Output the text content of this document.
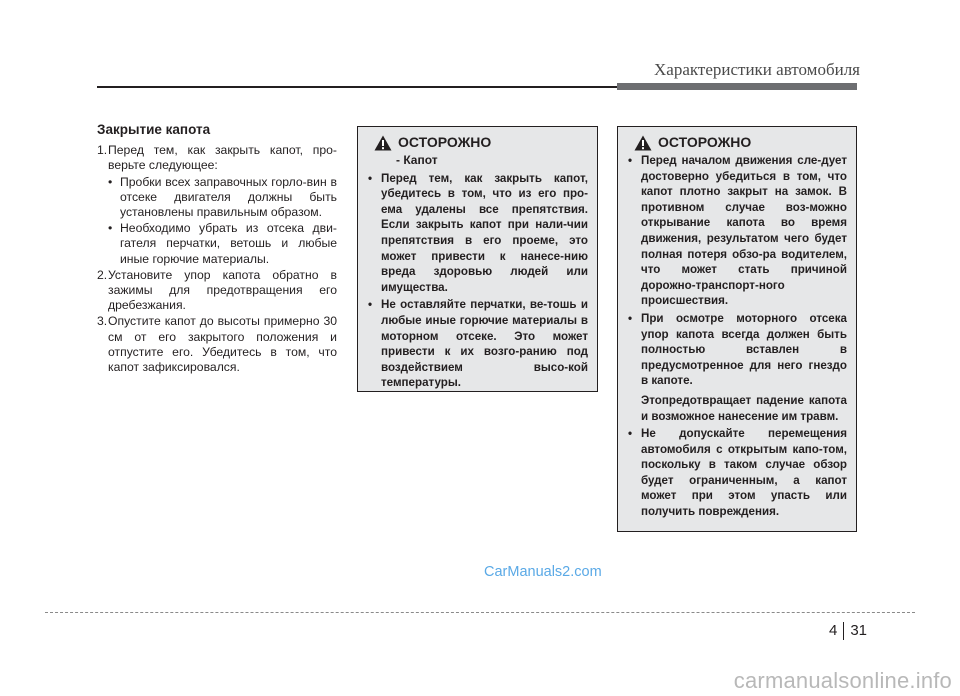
Характеристики автомобиля
Закрытие капота
1. Перед тем, как закрыть капот, про-верьте следующее:
• Пробки всех заправочных горло-вин в отсеке двигателя должны быть установлены правильным образом.
• Необходимо убрать из отсека дви-гателя перчатки, ветошь и любые иные горючие материалы.
2. Установите упор капота обратно в зажимы для предотвращения его дребезжания.
3. Опустите капот до высоты примерно 30 см от его закрытого положения и отпустите его. Убедитесь в том, что капот зафиксировался.
ОСТОРОЖНО
- Капот
• Перед тем, как закрыть капот, убедитесь в том, что из его про-ема удалены все препятствия. Если закрыть капот при нали-чии препятствия в его проеме, это может привести к нанесе-нию вреда здоровью людей или имущества.
• Не оставляйте перчатки, ве-тошь и любые иные горючие материалы в моторном отсеке. Это может привести к их возго-ранию под воздействием высо-кой температуры.
ОСТОРОЖНО
• Перед началом движения сле-дует достоверно убедиться в том, что капот плотно закрыт на замок. В противном случае воз-можно открывание капота во время движения, результатом чего будет полная потеря обзо-ра водителем, что может стать причиной дорожно-транспорт-ного происшествия.
• При осмотре моторного отсека упор капота всегда должен быть полностью вставлен в предусмотренное для него гнездо в капоте.
Этопредотвращает падение капота и возможное нанесение им травм.
• Не допускайте перемещения автомобиля с открытым капо-том, поскольку в таком случае обзор будет ограниченным, а капот может при этом упасть или получить повреждения.
CarManuals2.com
4 31
carmanualsonline.info
